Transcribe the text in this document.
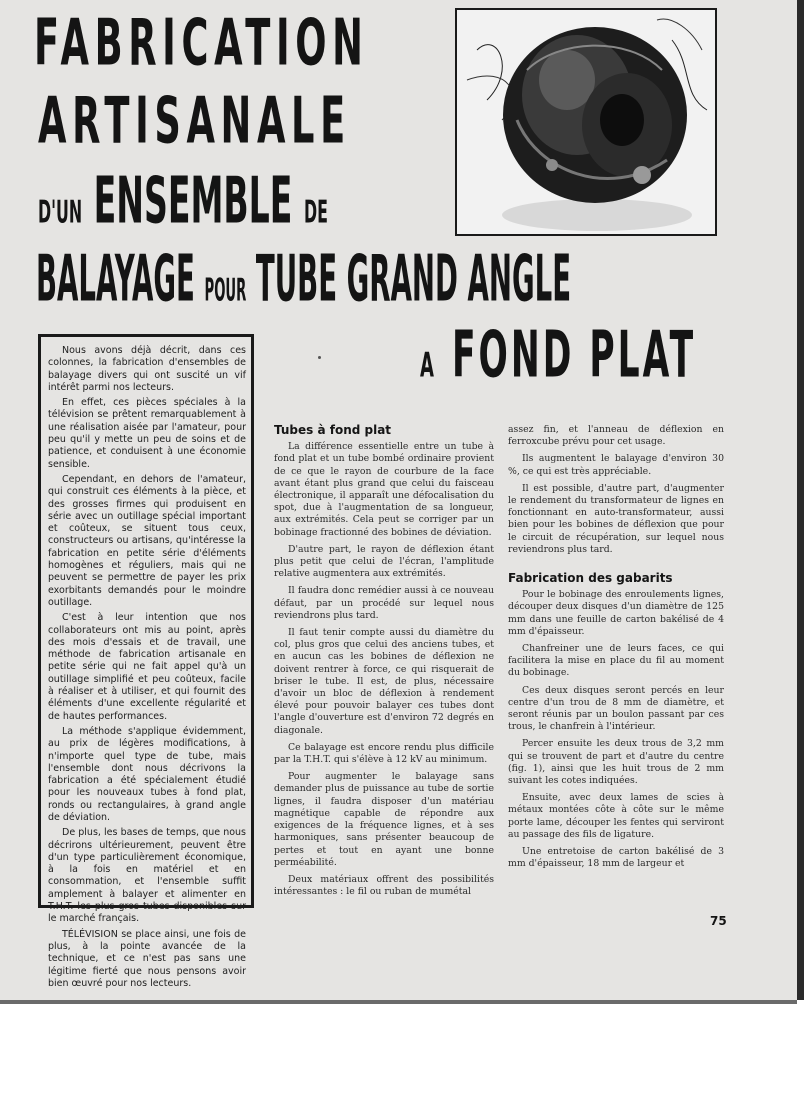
FABRICATION
ARTISANALE
D'UN ENSEMBLE DE
BALAYAGE POUR TUBE GRAND ANGLE
A FOND PLAT

Nous avons déjà décrit, dans ces colonnes, la fabrication d'ensembles de balayage divers qui ont suscité un vif intérêt parmi nos lecteurs.

En effet, ces pièces spéciales à la télévision se prêtent remarquablement à une réalisation aisée par l'amateur, pour peu qu'il y mette un peu de soins et de patience, et conduisent à une économie sensible.

Cependant, en dehors de l'amateur, qui construit ces éléments à la pièce, et des grosses firmes qui produisent en série avec un outillage spécial important et coûteux, se situent tous ceux, constructeurs ou artisans, qu'intéresse la fabrication en petite série d'éléments homogènes et réguliers, mais qui ne peuvent se permettre de payer les prix exorbitants demandés pour le moindre outillage.

C'est à leur intention que nos collaborateurs ont mis au point, après des mois d'essais et de travail, une méthode de fabrication artisanale en petite série qui ne fait appel qu'à un outillage simplifié et peu coûteux, facile à réaliser et à utiliser, et qui fournit des éléments d'une excellente régularité et de hautes performances.

La méthode s'applique évidemment, au prix de légères modifications, à n'importe quel type de tube, mais l'ensemble dont nous décrivons la fabrication a été spécialement étudié pour les nouveaux tubes à fond plat, ronds ou rectangulaires, à grand angle de déviation.

De plus, les bases de temps, que nous décrirons ultérieurement, peuvent être d'un type particulièrement économique, à la fois en matériel et en consommation, et l'ensemble suffit amplement à balayer et alimenter en T.H.T. les plus gros tubes disponibles sur le marché français.

TÉLÉVISION se place ainsi, une fois de plus, à la pointe avancée de la technique, et ce n'est pas sans une légitime fierté que nous pensons avoir bien œuvré pour nos lecteurs.

Tubes à fond plat

La différence essentielle entre un tube à fond plat et un tube bombé ordinaire provient de ce que le rayon de courbure de la face avant étant plus grand que celui du faisceau électronique, il apparaît une défocalisation du spot, due à l'augmentation de sa longueur, aux extrémités. Cela peut se corriger par un bobinage fractionné des bobines de déviation.

D'autre part, le rayon de déflexion étant plus petit que celui de l'écran, l'amplitude relative augmentera aux extrémités.

Il faudra donc remédier aussi à ce nouveau défaut, par un procédé sur lequel nous reviendrons plus tard.

Il faut tenir compte aussi du diamètre du col, plus gros que celui des anciens tubes, et en aucun cas les bobines de déflexion ne doivent rentrer à force, ce qui risquerait de briser le tube. Il est, de plus, nécessaire d'avoir un bloc de déflexion à rendement élevé pour pouvoir balayer ces tubes dont l'angle d'ouverture est d'environ 72 degrés en diagonale.

Ce balayage est encore rendu plus difficile par la T.H.T. qui s'élève à 12 kV au minimum.

Pour augmenter le balayage sans demander plus de puissance au tube de sortie lignes, il faudra disposer d'un matériau magnétique capable de répondre aux exigences de la fréquence lignes, et à ses harmoniques, sans présenter beaucoup de pertes et tout en ayant une bonne perméabilité.

Deux matériaux offrent des possibilités intéressantes : le fil ou ruban de mumétal

assez fin, et l'anneau de déflexion en ferroxcube prévu pour cet usage.

Ils augmentent le balayage d'environ 30 %, ce qui est très appréciable.

Il est possible, d'autre part, d'augmenter le rendement du transformateur de lignes en fonctionnant en auto-transformateur, aussi bien pour les bobines de déflexion que pour le circuit de récupération, sur lequel nous reviendrons plus tard.

Fabrication des gabarits

Pour le bobinage des enroulements lignes, découper deux disques d'un diamètre de 125 mm dans une feuille de carton bakélisé de 4 mm d'épaisseur.

Chanfreiner une de leurs faces, ce qui facilitera la mise en place du fil au moment du bobinage.

Ces deux disques seront percés en leur centre d'un trou de 8 mm de diamètre, et seront réunis par un boulon passant par ces trous, le chanfrein à l'intérieur.

Percer ensuite les deux trous de 3,2 mm qui se trouvent de part et d'autre du centre (fig. 1), ainsi que les huit trous de 2 mm suivant les cotes indiquées.

Ensuite, avec deux lames de scies à métaux montées côte à côte sur le même porte lame, découper les fentes qui serviront au passage des fils de ligature.

Une entretoise de carton bakélisé de 3 mm d'épaisseur, 18 mm de largeur et

75
